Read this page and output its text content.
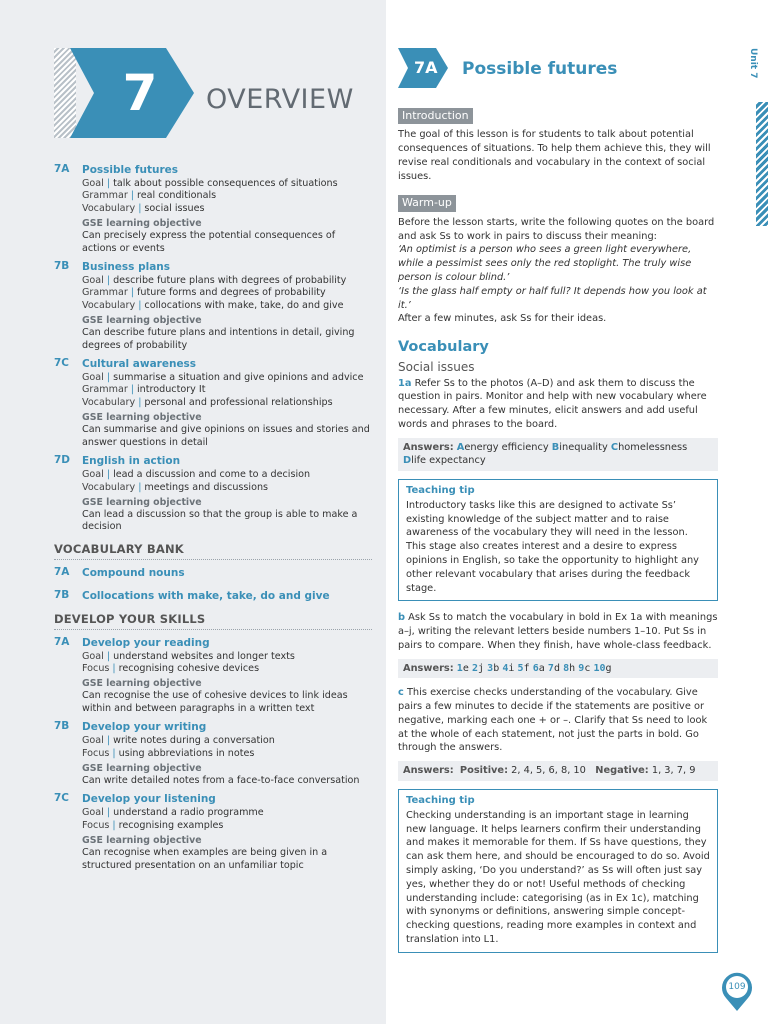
7	OVERVIEW
7A	Possible futures
Goal | talk about possible consequences of situations
Grammar | real conditionals
Vocabulary | social issues
GSE learning objective
Can precisely express the potential consequences of actions or events
7B	Business plans
Goal | describe future plans with degrees of probability
Grammar | future forms and degrees of probability
Vocabulary | collocations with make, take, do and give
GSE learning objective
Can describe future plans and intentions in detail, giving degrees of probability
7C	Cultural awareness
Goal | summarise a situation and give opinions and advice
Grammar | introductory It
Vocabulary | personal and professional relationships
GSE learning objective
Can summarise and give opinions on issues and stories and answer questions in detail
7D	English in action
Goal | lead a discussion and come to a decision
Vocabulary | meetings and discussions
GSE learning objective
Can lead a discussion so that the group is able to make a decision
VOCABULARY BANK
7A	Compound nouns
7B	Collocations with make, take, do and give
DEVELOP YOUR SKILLS
7A	Develop your reading
Goal | understand websites and longer texts
Focus | recognising cohesive devices
GSE learning objective
Can recognise the use of cohesive devices to link ideas within and between paragraphs in a written text
7B	Develop your writing
Goal | write notes during a conversation
Focus | using abbreviations in notes
GSE learning objective
Can write detailed notes from a face-to-face conversation
7C	Develop your listening
Goal | understand a radio programme
Focus | recognising examples
GSE learning objective
Can recognise when examples are being given in a structured presentation on an unfamiliar topic
7A Possible futures	Unit 7
Introduction

The goal of this lesson is for students to talk about potential consequences of situations. To help them achieve this, they will revise real conditionals and vocabulary in the context of social issues.

Warm-up

Before the lesson starts, write the following quotes on the board and ask Ss to work in pairs to discuss their meaning:

‘An optimist is a person who sees a green light everywhere, while a pessimist sees only the red stoplight. The truly wise person is colour blind.’

‘Is the glass half empty or half full? It depends how you look at it.’

After a few minutes, ask Ss for their ideas.

Vocabulary
Social issues

1a Refer Ss to the photos (A–D) and ask them to discuss the question in pairs. Monitor and help with new vocabulary where necessary. After a few minutes, elicit answers and add useful words and phrases to the board.

Answers: Aenergy efficiency Binequality Chomelessness Dlife expectancy
Teaching tip

Introductory tasks like this are designed to activate Ss’ existing knowledge of the subject matter and to raise awareness of the vocabulary they will need in the lesson. This stage also creates interest and a desire to express opinions in English, so take the opportunity to highlight any other relevant vocabulary that arises during the feedback stage.

b Ask Ss to match the vocabulary in bold in Ex 1a with meanings a–j, writing the relevant letters beside numbers 1–10. Put Ss in pairs to compare. When they finish, have whole-class feedback.

Answers: 1e 2j 3b 4i 5f 6a 7d 8h 9c 10g

c This exercise checks understanding of the vocabulary. Give pairs a few minutes to decide if the statements are positive or negative, marking each one + or –. Clarify that Ss need to look at the whole of each statement, not just the parts in bold. Go through the answers.

Answers: Positive: 2, 4, 5, 6, 8, 10 Negative: 1, 3, 7, 9
Teaching tip

Checking understanding is an important stage in learning new language. It helps learners confirm their understanding and makes it memorable for them. If Ss have questions, they can ask them here, and should be encouraged to do so. Avoid simply asking, ‘Do you understand?’ as Ss will often just say yes, whether they do or not! Useful methods of checking understanding include: categorising (as in Ex 1c), matching with synonyms or definitions, answering simple concept-checking questions, reading more examples in context and translation into L1.

109
